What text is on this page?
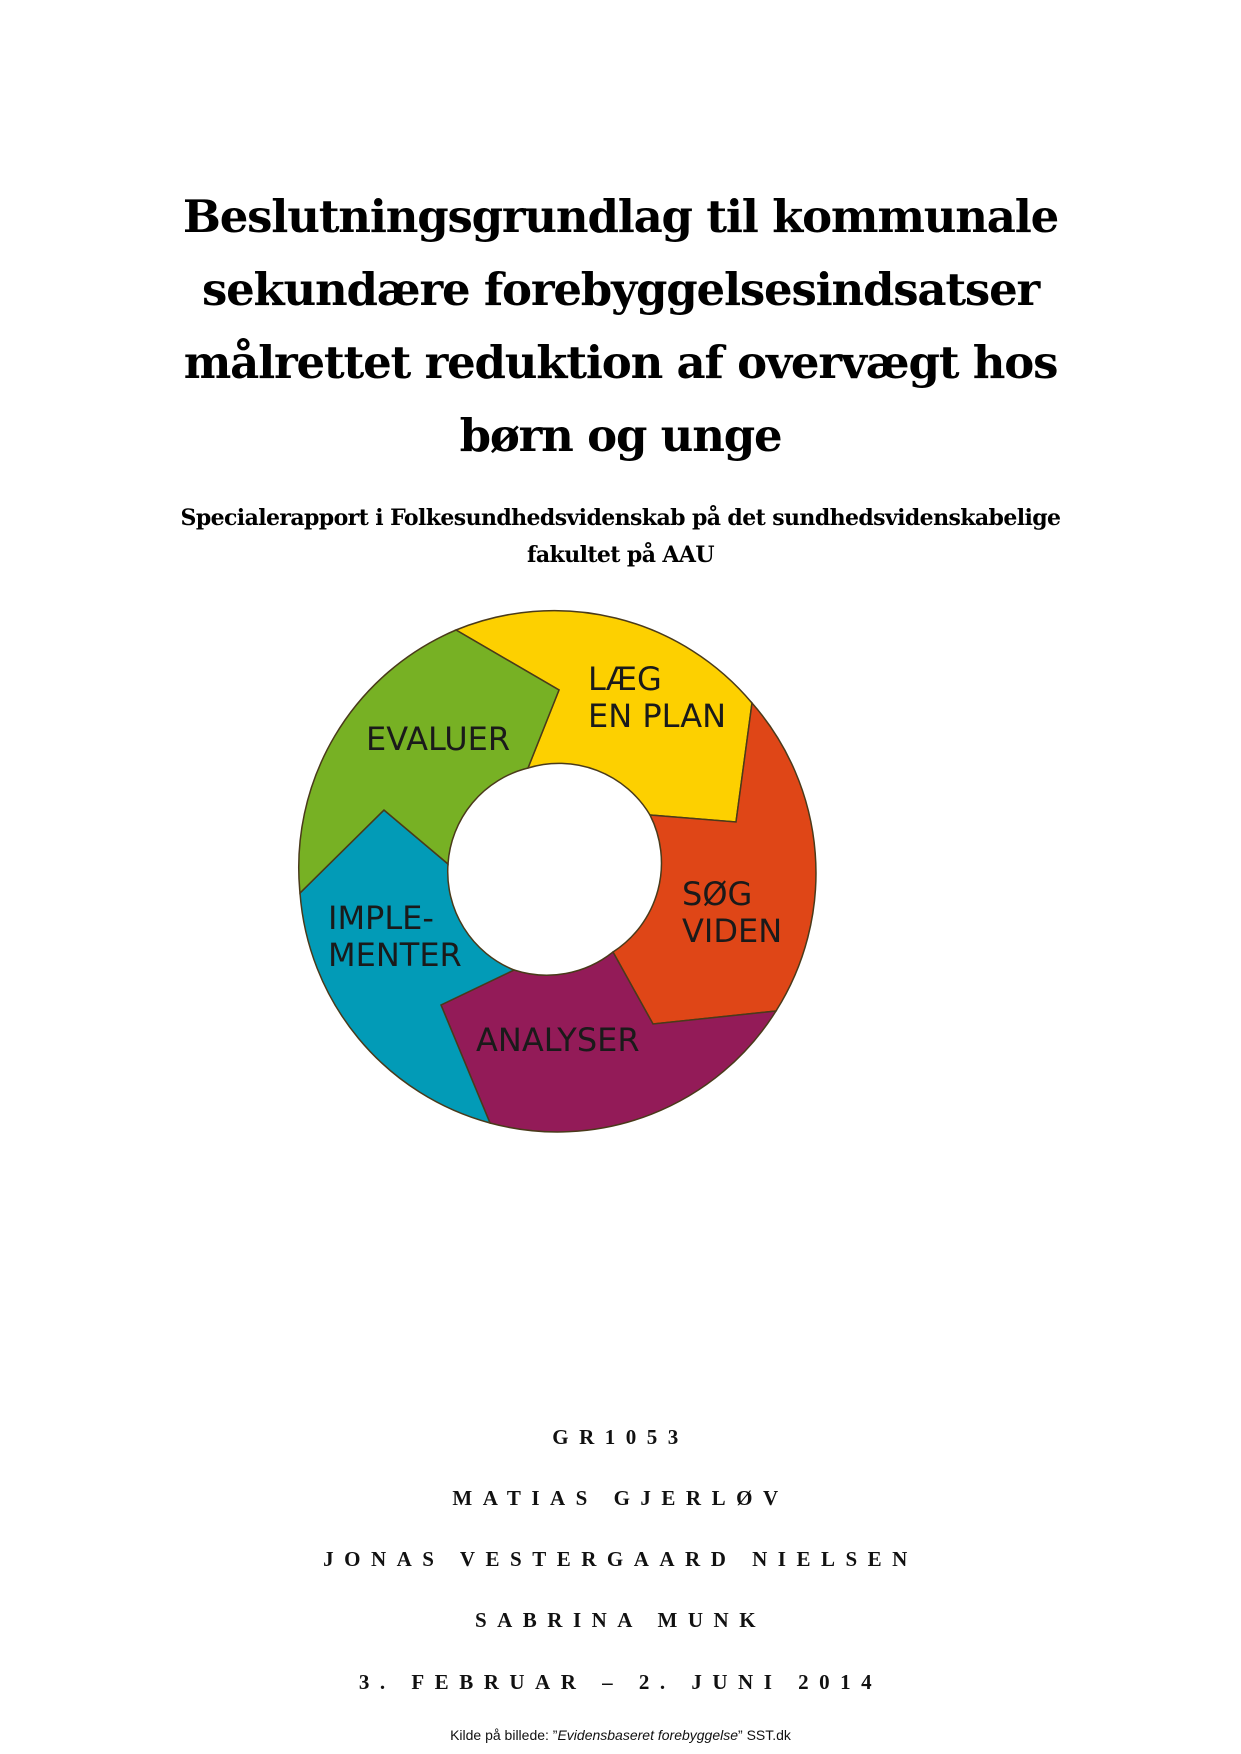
Beslutningsgrundlag til kommunale
sekundære forebyggelsesindsatser
målrettet reduktion af overvægt hos
børn og unge
Specialerapport i Folkesundhedsvidenskab på det sundhedsvidenskabelige
fakultet på AAU
LÆG
EN PLAN
SØG
VIDEN
ANALYSER
IMPLE-
MENTER
EVALUER
GR1053
MATIAS GJERLØV
JONAS VESTERGAARD NIELSEN
SABRINA MUNK
3. FEBRUAR – 2. JUNI 2014
Kilde på billede: ”Evidensbaseret forebyggelse” SST.dk
